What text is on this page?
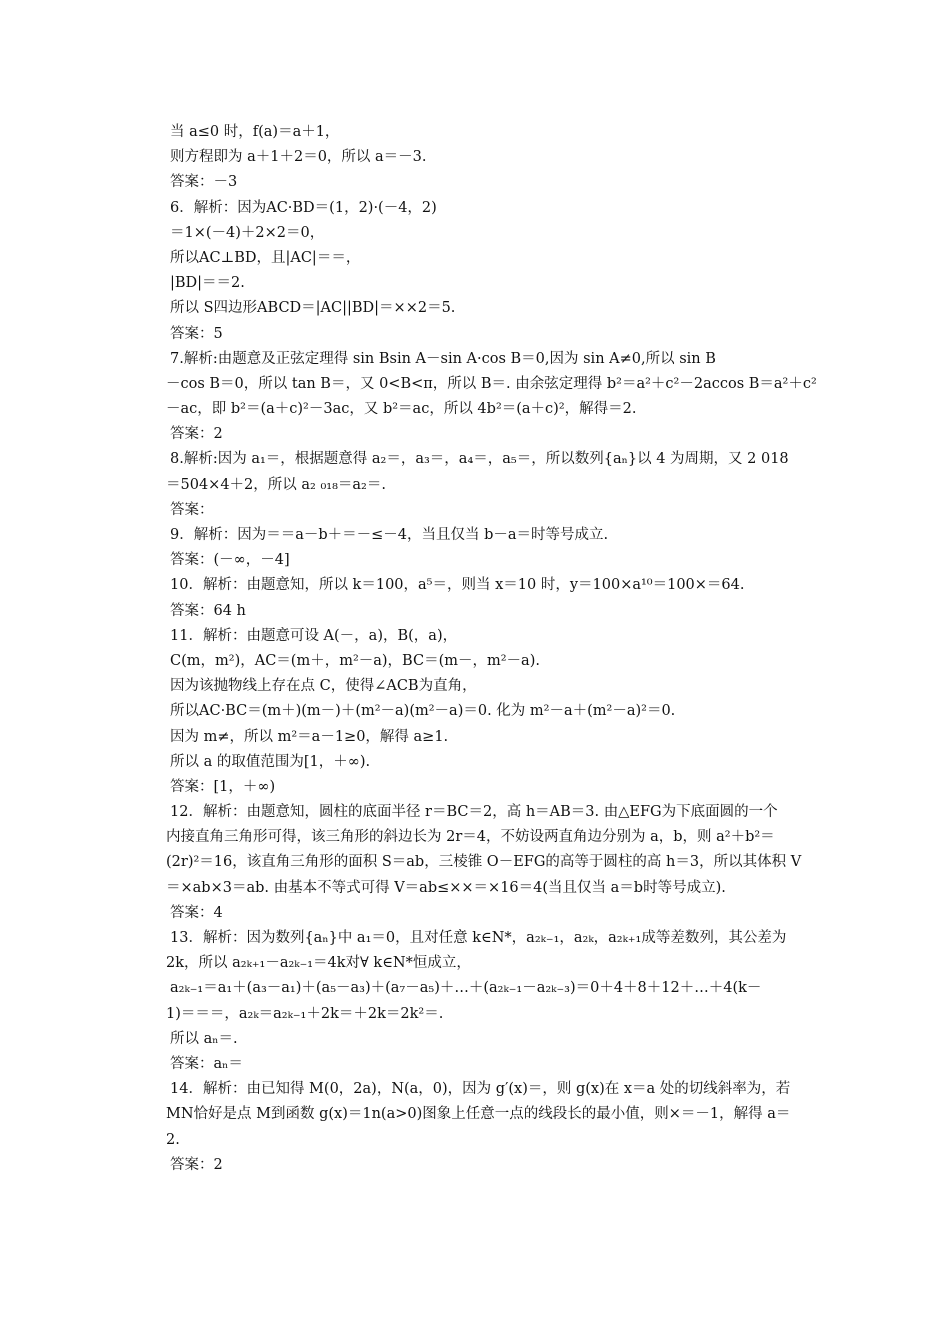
当 a≤0 时，f(a)＝a＋1，

则方程即为 a＋1＋2＝0，所以 a＝－3.

答案：－3

6．解析：因为AC·BD＝(1，2)·(－4，2)

＝1×(－4)＋2×2＝0，

所以AC⊥BD，且|AC|＝＝，

|BD|＝＝2.

所以 S四边形ABCD＝|AC||BD|＝××2＝5.

答案：5

7.解析:由题意及正弦定理得 sin Bsin A－sin A·cos B＝0,因为 sin A≠0,所以 sin B

－cos B＝0，所以 tan B＝，又 0<B<π，所以 B＝. 由余弦定理得 b²＝a²＋c²－2accos B＝a²＋c²

－ac，即 b²＝(a＋c)²－3ac，又 b²＝ac，所以 4b²＝(a＋c)²，解得＝2.

答案：2

8.解析:因为 a₁＝，根据题意得 a₂＝，a₃＝，a₄＝，a₅＝，所以数列{aₙ}以 4 为周期，又 2 018

＝504×4＋2，所以 a₂ ₀₁₈＝a₂＝.

答案：

9．解析：因为＝＝a－b＋＝－≤－4，当且仅当 b－a＝时等号成立.

答案：(－∞，－4]

10．解析：由题意知，所以 k＝100，a⁵＝，则当 x＝10 时，y＝100×a¹⁰＝100×＝64.

答案：64 h

11．解析：由题意可设 A(－，a)，B(，a)，

C(m，m²)，AC＝(m＋，m²－a)，BC＝(m－，m²－a).

因为该抛物线上存在点 C，使得∠ACB为直角，

所以AC·BC＝(m＋)(m－)＋(m²－a)(m²－a)＝0. 化为 m²－a＋(m²－a)²＝0.

因为 m≠，所以 m²＝a－1≥0，解得 a≥1.

所以 a 的取值范围为[1，＋∞).

答案：[1，＋∞)

12．解析：由题意知，圆柱的底面半径 r＝BC＝2，高 h＝AB＝3. 由△EFG为下底面圆的一个

内接直角三角形可得，该三角形的斜边长为 2r＝4，不妨设两直角边分别为 a，b，则 a²＋b²＝

(2r)²＝16，该直角三角形的面积 S＝ab，三棱锥 O－EFG的高等于圆柱的高 h＝3，所以其体积 V

＝×ab×3＝ab. 由基本不等式可得 V＝ab≤××＝×16＝4(当且仅当 a＝b时等号成立).

答案：4

13．解析：因为数列{aₙ}中 a₁＝0，且对任意 k∈N*，a₂ₖ₋₁，a₂ₖ，a₂ₖ₊₁成等差数列，其公差为

2k，所以 a₂ₖ₊₁－a₂ₖ₋₁＝4k对∀ k∈N*恒成立，

a₂ₖ₋₁＝a₁＋(a₃－a₁)＋(a₅－a₃)＋(a₇－a₅)＋…＋(a₂ₖ₋₁－a₂ₖ₋₃)＝0＋4＋8＋12＋…＋4(k－

1)＝＝＝，a₂ₖ＝a₂ₖ₋₁＋2k＝＋2k＝2k²＝.

所以 aₙ＝.

答案：aₙ＝

14．解析：由已知得 M(0，2a)，N(a，0)，因为 g′(x)＝，则 g(x)在 x＝a 处的切线斜率为，若

MN恰好是点 M到函数 g(x)＝1n(a>0)图象上任意一点的线段长的最小值，则×＝－1，解得 a＝

2.

答案：2
